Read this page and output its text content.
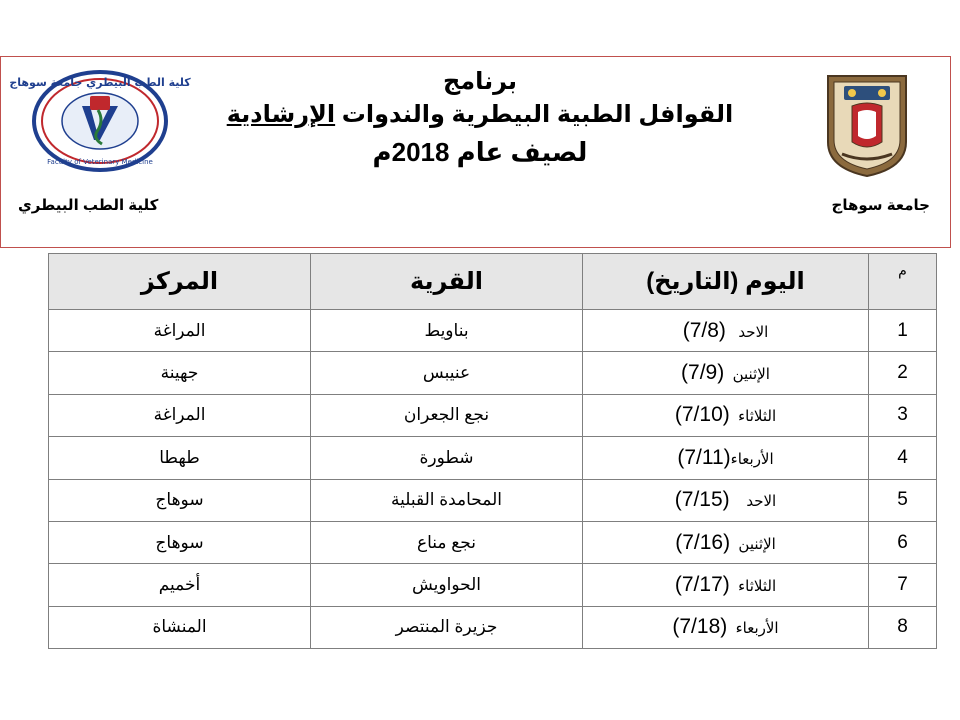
كلية الطب البيطري جامعة سوهاج
Faculty of Veterinary Medicine
برنامج
القوافل الطبية البيطرية والندوات الإرشادية
لصيف عام 2018م
كلية الطب البيطري	جامعة سوهاج
م	اليوم (التاريخ)	القرية	المركز
1	الاحد   (7/8)	بناويط	المراغة
2	الإثنين  (7/9)	عنيبس	جهينة
3	الثلاثاء  (7/10)	نجع الجعران	المراغة
4	الأربعاء(7/11)	شطورة	طهطا
5	الاحد    (7/15)	المحامدة القبلية	سوهاج
6	الإثنين  (7/16)	نجع مناع	سوهاج
7	الثلاثاء  (7/17)	الحواويش	أخميم
8	الأربعاء  (7/18)	جزيرة المنتصر	المنشاة
